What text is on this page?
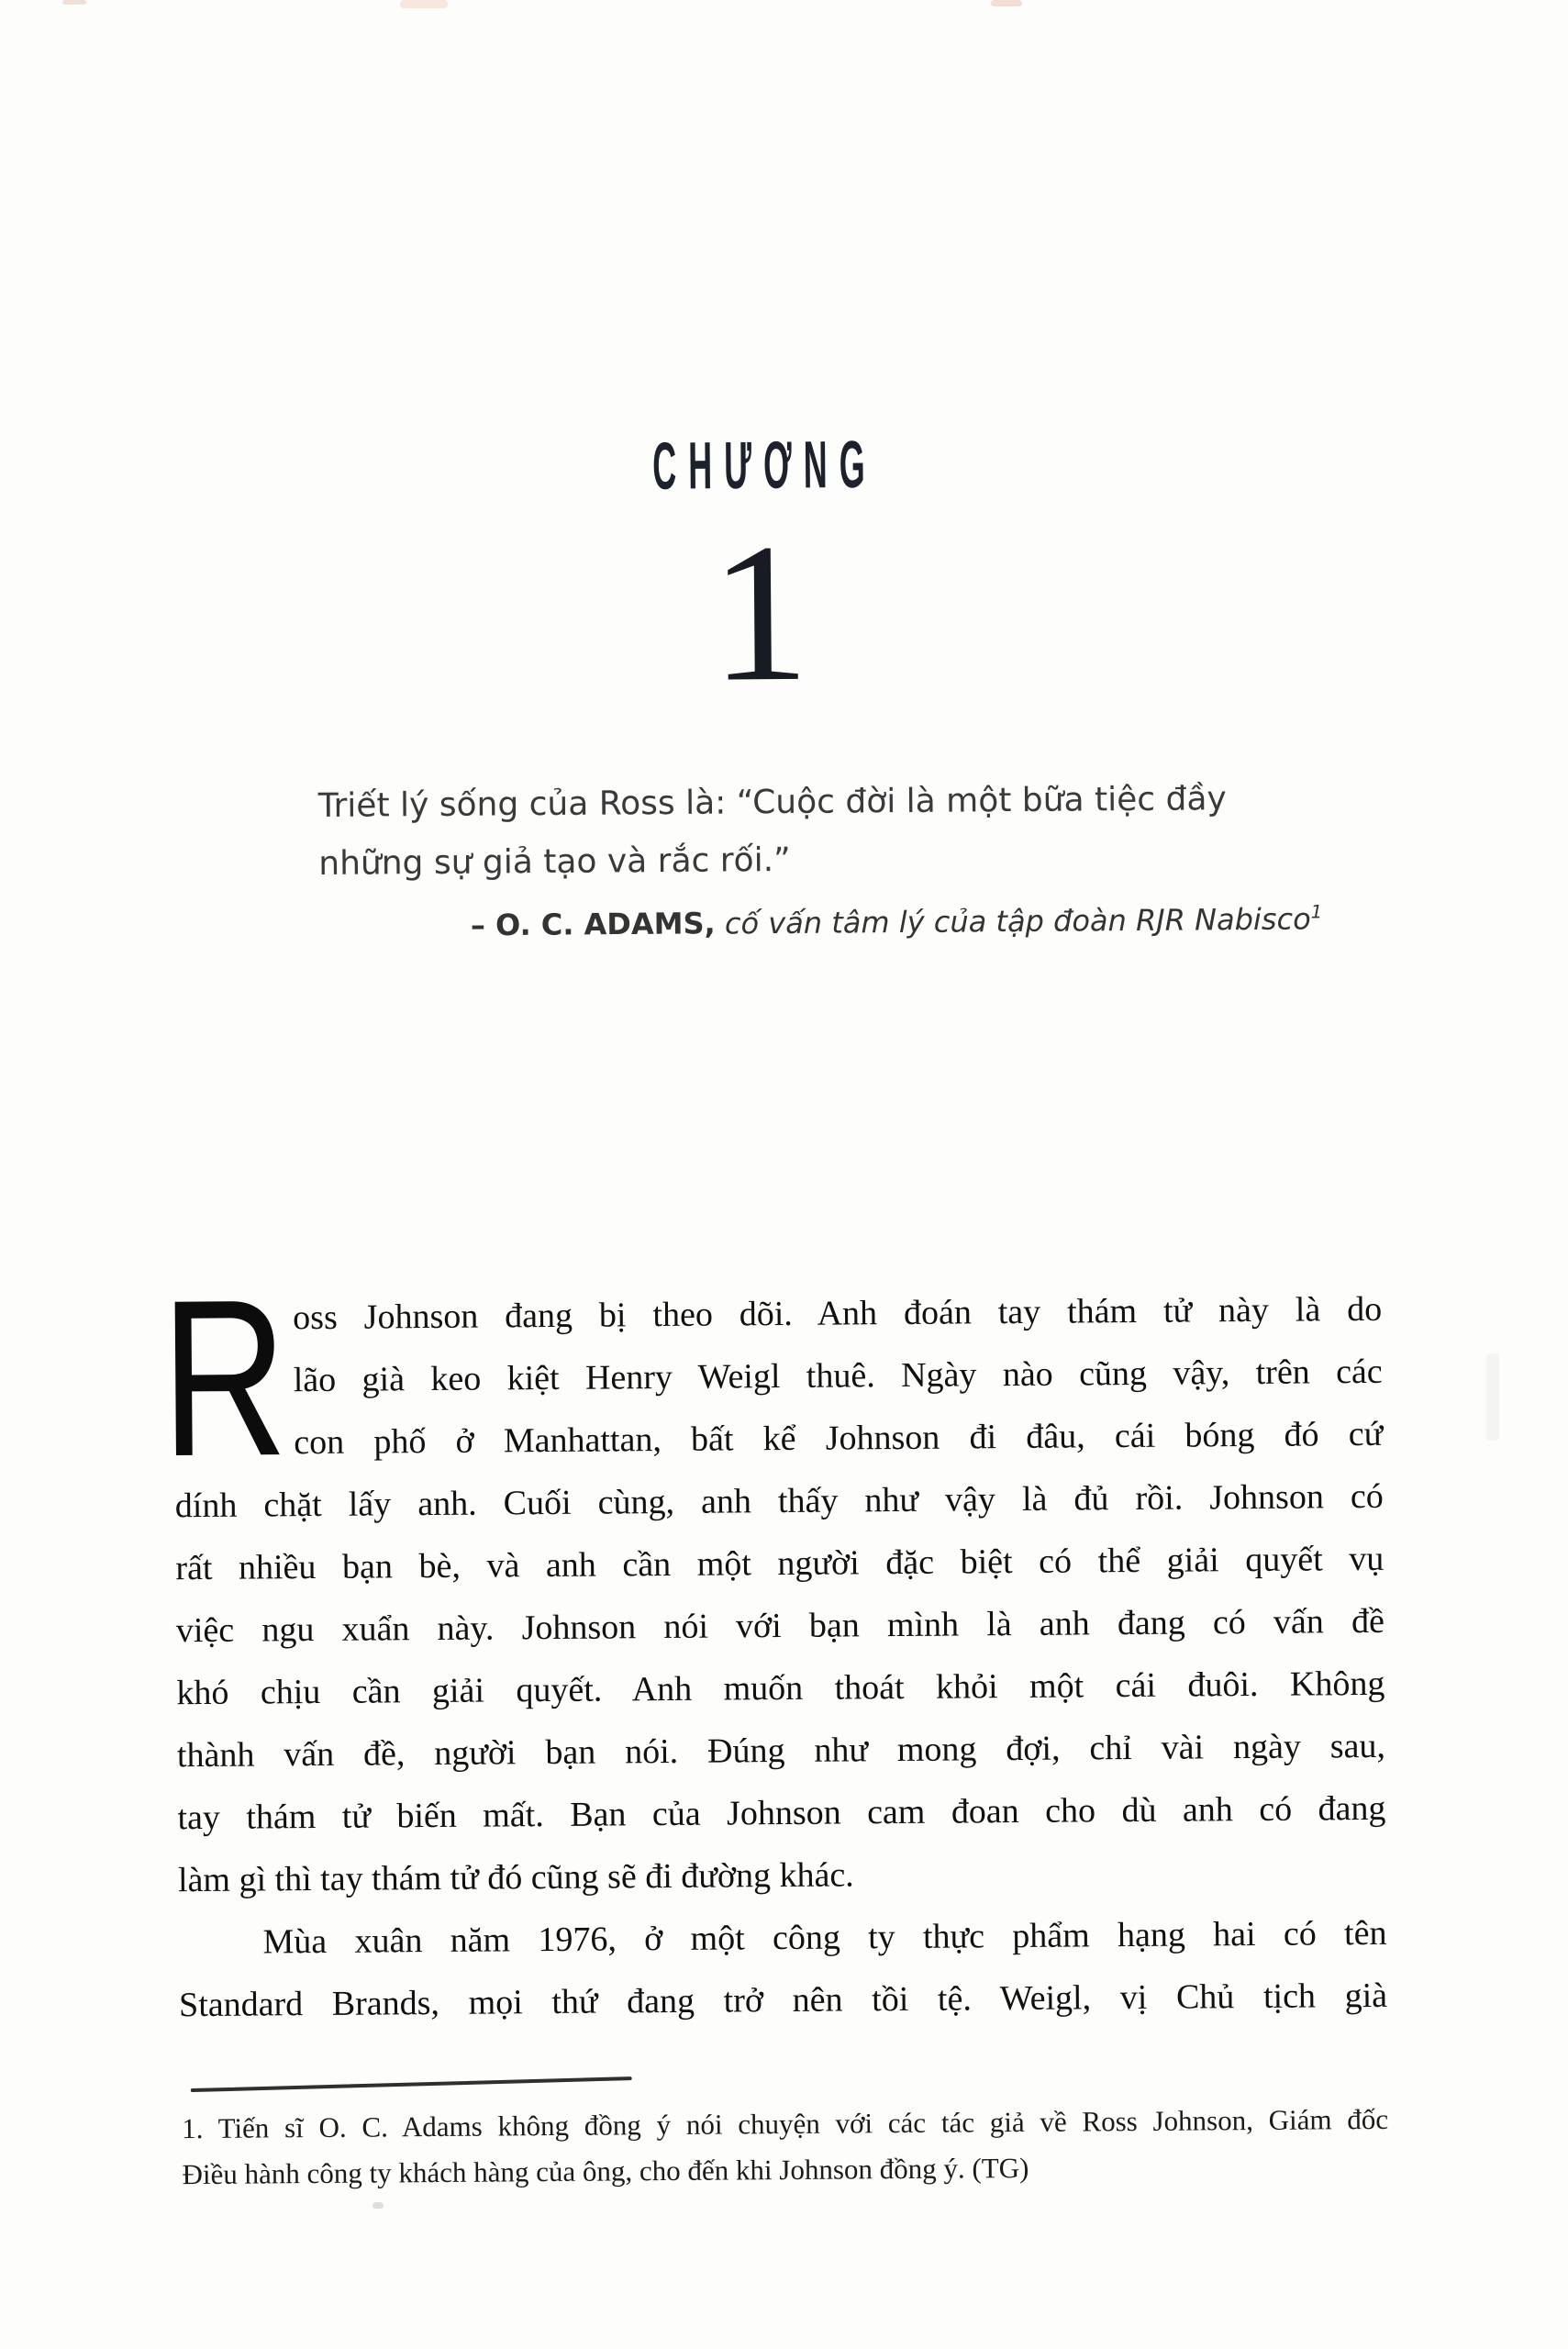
CHƯƠNG
1
Triết lý sống của Ross là: “Cuộc đời là một bữa tiệc đầy
những sự giả tạo và rắc rối.”
– O. C. ADAMS, cố vấn tâm lý của tập đoàn RJR Nabisco$^1$
R oss Johnson đang bị theo dõi. Anh đoán tay thám tử này là do
lão già keo kiệt Henry Weigl thuê. Ngày nào cũng vậy, trên các
con phố ở Manhattan, bất kể Johnson đi đâu, cái bóng đó cứ
dính chặt lấy anh. Cuối cùng, anh thấy như vậy là đủ rồi. Johnson có
rất nhiều bạn bè, và anh cần một người đặc biệt có thể giải quyết vụ
việc ngu xuẩn này. Johnson nói với bạn mình là anh đang có vấn đề
khó chịu cần giải quyết. Anh muốn thoát khỏi một cái đuôi. Không
thành vấn đề, người bạn nói. Đúng như mong đợi, chỉ vài ngày sau,
tay thám tử biến mất. Bạn của Johnson cam đoan cho dù anh có đang
làm gì thì tay thám tử đó cũng sẽ đi đường khác.
Mùa xuân năm 1976, ở một công ty thực phẩm hạng hai có tên
Standard Brands, mọi thứ đang trở nên tồi tệ. Weigl, vị Chủ tịch già
1. Tiến sĩ O. C. Adams không đồng ý nói chuyện với các tác giả về Ross Johnson, Giám đốc
Điều hành công ty khách hàng của ông, cho đến khi Johnson đồng ý. (TG)
